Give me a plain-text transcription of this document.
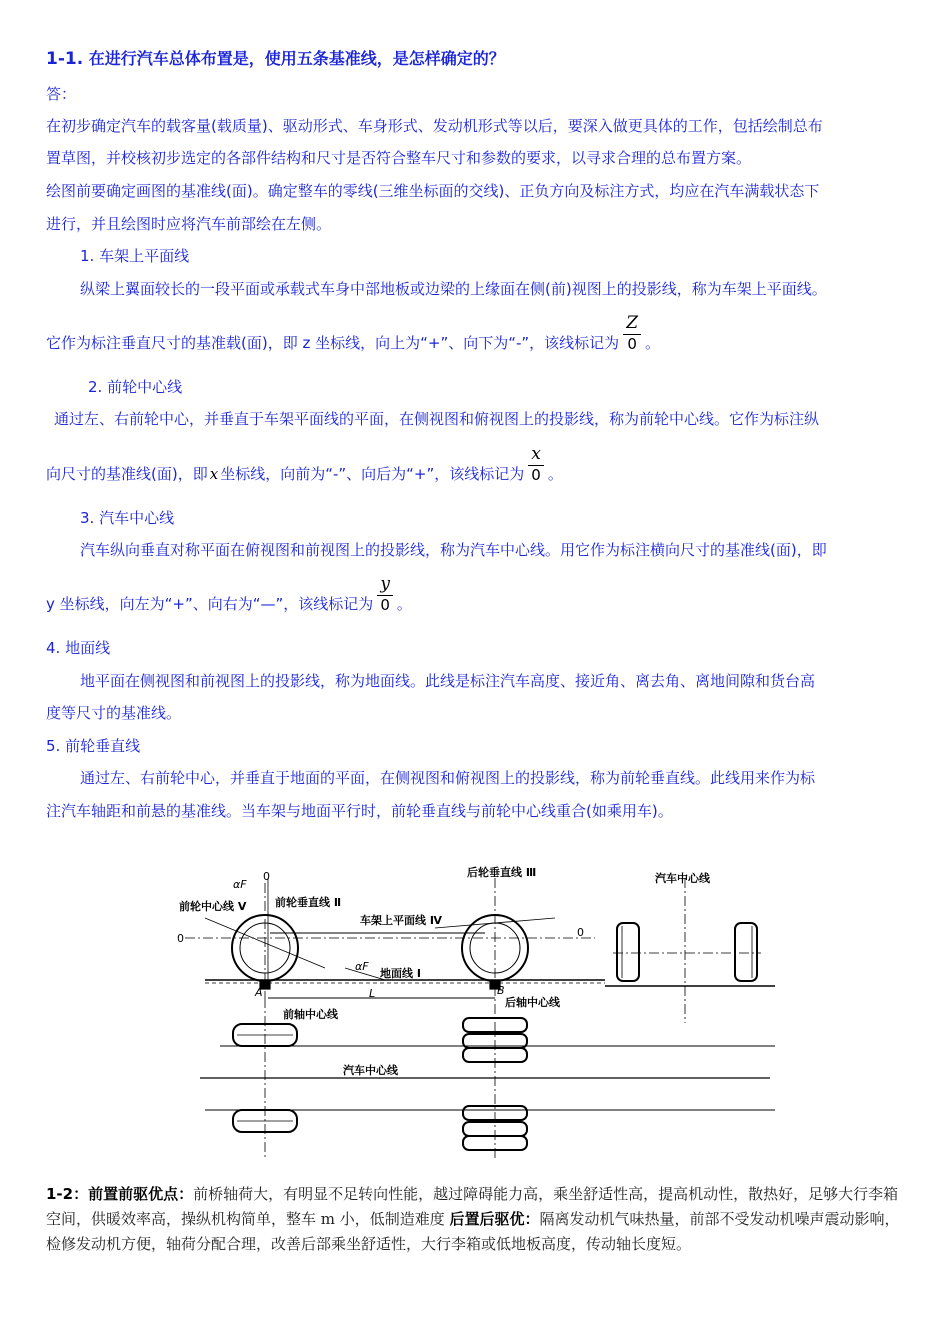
1-1. 在进行汽车总体布置是，使用五条基准线，是怎样确定的？
答：
在初步确定汽车的载客量(载质量)、驱动形式、车身形式、发动机形式等以后，要深入做更具体的工作，包括绘制总布
置草图，并校核初步选定的各部件结构和尺寸是否符合整车尺寸和参数的要求，以寻求合理的总布置方案。
绘图前要确定画图的基准线(面)。确定整车的零线(三维坐标面的交线)、正负方向及标注方式，均应在汽车满载状态下
进行，并且绘图时应将汽车前部绘在左侧。
1. 车架上平面线
纵梁上翼面较长的一段平面或承载式车身中部地板或边梁的上缘面在侧(前)视图上的投影线，称为车架上平面线。
它作为标注垂直尺寸的基准载(面)，即 z 坐标线，向上为“+”、向下为“-”，该线标记为 $\frac{Z}{0}$ 。
2. 前轮中心线
通过左、右前轮中心，并垂直于车架平面线的平面，在侧视图和俯视图上的投影线，称为前轮中心线。它作为标注纵
向尺寸的基准线(面)，即 x 坐标线，向前为“-”、向后为“+”，该线标记为 $\frac{x}{0}$ 。
3. 汽车中心线
汽车纵向垂直对称平面在俯视图和前视图上的投影线，称为汽车中心线。用它作为标注横向尺寸的基准线(面)，即
y 坐标线，向左为“+”、向右为“—”，该线标记为 $\frac{y}{0}$ 。
4. 地面线
地平面在侧视图和前视图上的投影线，称为地面线。此线是标注汽车高度、接近角、离去角、离地间隙和货台高
度等尺寸的基准线。
5. 前轮垂直线
通过左、右前轮中心，并垂直于地面的平面，在侧视图和俯视图上的投影线，称为前轮垂直线。此线用来作为标
注汽车轴距和前悬的基准线。当车架与地面平行时，前轮垂直线与前轮中心线重合(如乘用车)。
后轮垂直线 Ⅲ	汽车中心线
前轮中心线 Ⅴ	前轮垂直线 Ⅱ
车架上平面线 Ⅳ
地面线 Ⅰ
前轴中心线
后轴中心线
汽车中心线
αF
αF
0
0	0
L
A	B
1-2：前置前驱优点：前桥轴荷大，有明显不足转向性能，越过障碍能力高，乘坐舒适性高，提高机动性，散热好，足够大行李箱空间，供暖效率高，操纵机构简单，整车 m 小，低制造难度 后置后驱优：隔离发动机气味热量，前部不受发动机噪声震动影响，检修发动机方便，轴荷分配合理，改善后部乘坐舒适性，大行李箱或低地板高度，传动轴长度短。
